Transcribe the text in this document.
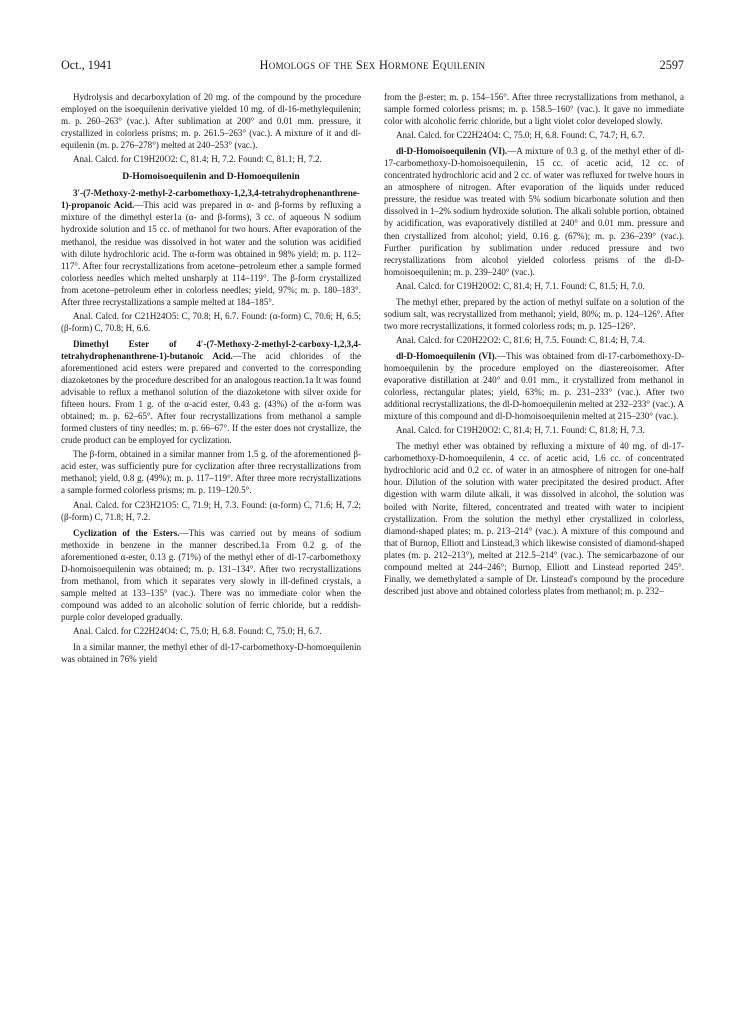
Oct., 1941	Homologs of the Sex Hormone Equilenin	2597

Hydrolysis and decarboxylation of 20 mg. of the compound by the procedure employed on the isoequilenin derivative yielded 10 mg. of dl-16-methylequilenin; m. p. 260–263° (vac.). After sublimation at 200° and 0.01 mm. pressure, it crystallized in colorless prisms; m. p. 261.5–263° (vac.). A mixture of it and dl-equilenin (m. p. 276–278°) melted at 240–253° (vac.).

Anal. Calcd. for C19H20O2: C, 81.4; H, 7.2. Found: C, 81.1; H, 7.2.

D-Homoisoequilenin and D-Homoequilenin

3′-(7-Methoxy-2-methyl-2-carbomethoxy-1,2,3,4-tetrahydrophenanthrene-1)-propanoic Acid.—This acid was prepared in α- and β-forms by refluxing a mixture of the dimethyl ester1a (α- and β-forms), 3 cc. of aqueous N sodium hydroxide solution and 15 cc. of methanol for two hours. After evaporation of the methanol, the residue was dissolved in hot water and the solution was acidified with dilute hydrochloric acid. The α-form was obtained in 98% yield; m. p. 112–117°. After four recrystallizations from acetone–petroleum ether a sample formed colorless needles which melted unsharply at 114–119°. The β-form crystallized from acetone–petroleum ether in colorless needles; yield, 97%; m. p. 180–183°. After three recrystallizations a sample melted at 184–185°.

Anal. Calcd. for C21H24O5: C, 70.8; H, 6.7. Found: (α-form) C, 70.6; H, 6.5; (β-form) C, 70.8; H, 6.6.

Dimethyl Ester of 4′-(7-Methoxy-2-methyl-2-carboxy-1,2,3,4-tetrahydrophenanthrene-1)-butanoic Acid.—The acid chlorides of the aforementioned acid esters were prepared and converted to the corresponding diazoketones by the procedure described for an analogous reaction.1a It was found advisable to reflux a methanol solution of the diazoketone with silver oxide for fifteen hours. From 1 g. of the α-acid ester, 0.43 g. (43%) of the α-form was obtained; m. p. 62–65°. After four recrystallizations from methanol a sample formed clusters of tiny needles; m. p. 66–67°. If the ester does not crystallize, the crude product can be employed for cyclization.

The β-form, obtained in a similar manner from 1.5 g. of the aforementioned β-acid ester, was sufficiently pure for cyclization after three recrystallizations from methanol; yield, 0.8 g. (49%); m. p. 117–119°. After three more recrystallizations a sample formed colorless prisms; m. p. 119–120.5°.

Anal. Calcd. for C23H21O5: C, 71.9; H, 7.3. Found: (α-form) C, 71.6; H, 7.2; (β-form) C, 71.8; H, 7.2.

Cyclization of the Esters.—This was carried out by means of sodium methoxide in benzene in the manner described.1a From 0.2 g. of the aforementioned α-ester, 0.13 g. (71%) of the methyl ether of dl-17-carbomethoxy D-homoisoequilenin was obtained; m. p. 131–134°. After two recrystallizations from methanol, from which it separates very slowly in ill-defined crystals, a sample melted at 133–135° (vac.). There was no immediate color when the compound was added to an alcoholic solution of ferric chloride, but a reddish-purple color developed gradually.

Anal. Calcd. for C22H24O4: C, 75.0; H, 6.8. Found: C, 75.0; H, 6.7.

In a similar manner, the methyl ether of dl-17-carbomethoxy-D-homoequilenin was obtained in 76% yield

from the β-ester; m. p. 154–156°. After three recrystallizations from methanol, a sample formed colorless prisms; m. p. 158.5–160° (vac.). It gave no immediate color with alcoholic ferric chloride, but a light violet color developed slowly.

Anal. Calcd. for C22H24O4: C, 75.0; H, 6.8. Found: C, 74.7; H, 6.7.

dl-D-Homoisoequilenin (VI).—A mixture of 0.3 g. of the methyl ether of dl-17-carbomethoxy-D-homoisoequilenin, 15 cc. of acetic acid, 12 cc. of concentrated hydrochloric acid and 2 cc. of water was refluxed for twelve hours in an atmosphere of nitrogen. After evaporation of the liquids under reduced pressure, the residue was treated with 5% sodium bicarbonate solution and then dissolved in 1–2% sodium hydroxide solution. The alkali soluble portion, obtained by acidification, was evaporatively distilled at 240° and 0.01 mm. pressure and then crystallized from alcohol; yield, 0.16 g. (67%); m. p. 236–239° (vac.). Further purification by sublimation under reduced pressure and two recrystallizations from alcohol yielded colorless prisms of the dl-D-homoisoequilenin; m. p. 239–240° (vac.).

Anal. Calcd. for C19H20O2: C, 81.4; H, 7.1. Found: C, 81.5; H, 7.0.

The methyl ether, prepared by the action of methyl sulfate on a solution of the sodium salt, was recrystallized from methanol; yield, 80%; m. p. 124–126°. After two more recrystallizations, it formed colorless rods; m. p. 125–126°.

Anal. Calcd. for C20H22O2: C, 81.6; H, 7.5. Found: C, 81.4; H, 7.4.

dl-D-Homoequilenin (VI).—This was obtained from dl-17-carbomethoxy-D-homoequilenin by the procedure employed on the diastereoisomer. After evaporative distillation at 240° and 0.01 mm., it crystallized from methanol in colorless, rectangular plates; yield, 63%; m. p. 231–233° (vac.). After two additional recrystallizations, the dl-D-homoequilenin melted at 232–233° (vac.). A mixture of this compound and dl-D-homoisoequilenin melted at 215–230° (vac.).

Anal. Calcd. for C19H20O2: C, 81.4; H, 7.1. Found: C, 81.8; H, 7.3.

The methyl ether was obtained by refluxing a mixture of 40 mg. of dl-17-carbomethoxy-D-homoequilenin, 4 cc. of acetic acid, 1.6 cc. of concentrated hydrochloric acid and 0.2 cc. of water in an atmosphere of nitrogen for one-half hour. Dilution of the solution with water precipitated the desired product. After digestion with warm dilute alkali, it was dissolved in alcohol, the solution was boiled with Norite, filtered, concentrated and treated with water to incipient crystallization. From the solution the methyl ether crystallized in colorless, diamond-shaped plates; m. p. 213–214° (vac.). A mixture of this compound and that of Burnop, Elliott and Linstead,3 which likewise consisted of diamond-shaped plates (m. p. 212–213°), melted at 212.5–214° (vac.). The semicarbazone of our compound melted at 244–246°; Burnop, Elliott and Linstead reported 245°. Finally, we demethylated a sample of Dr. Linstead's compound by the procedure described just above and obtained colorless plates from methanol; m. p. 232–
